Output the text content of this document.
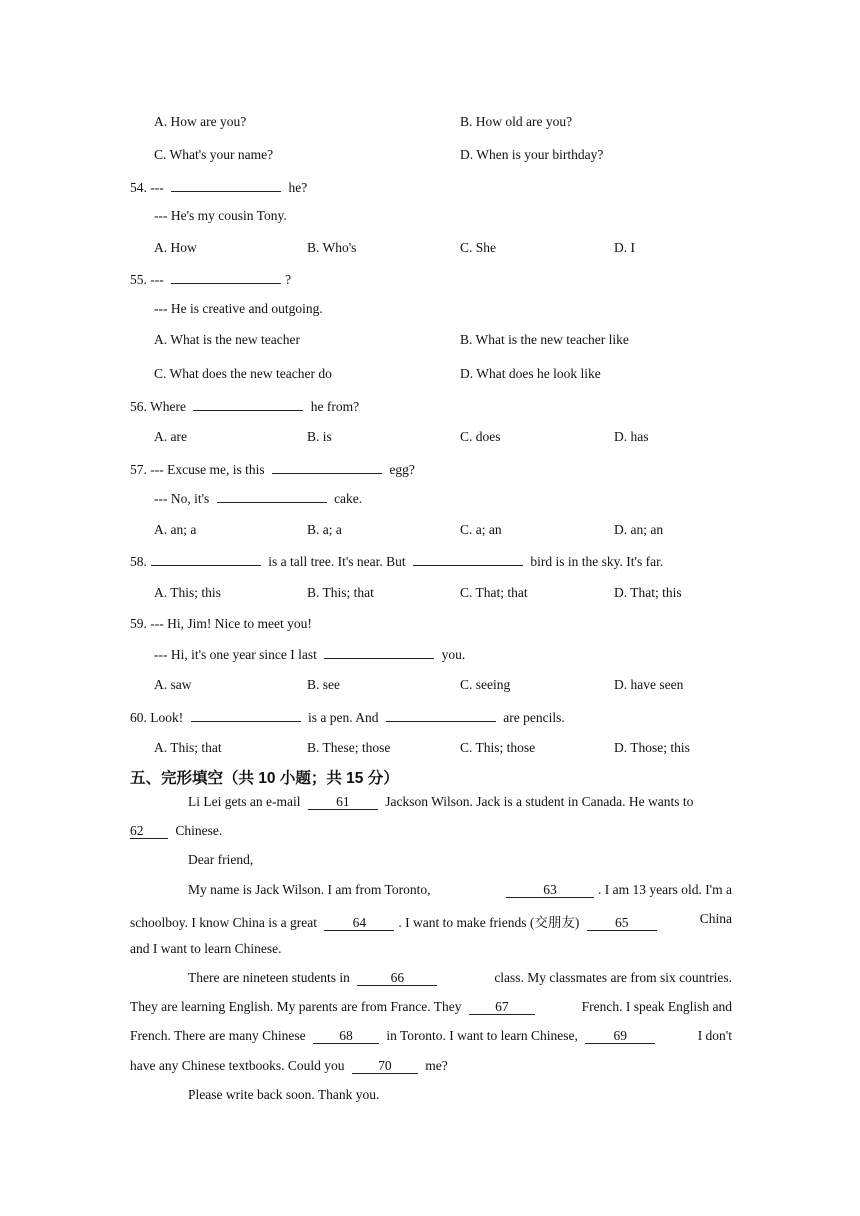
A. How are you?	B. How old are you?
C. What's your name?	D. When is your birthday?
54. ---	he?
--- He's my cousin Tony.
A. How	B. Who's	C. She	D. I
55. ---	?
--- He is creative and outgoing.
A. What is the new teacher	B. What is the new teacher like
C. What does the new teacher do	D. What does he look like
56. Where	he from?
A. are	B. is	C. does	D. has
57. --- Excuse me, is this	egg?
--- No, it's	cake.
A. an; a	B. a; a	C. a; an	D. an; an
58.	is a tall tree. It's near. But	bird is in the sky. It's far.
A. This; this	B. This; that	C. That; that	D. That; this
59. --- Hi, Jim! Nice to meet you!
--- Hi, it's one year since I last	you.
A. saw	B. see	C. seeing	D. have seen
60. Look!	is a pen. And	are pencils.
A. This; that	B. These; those	C. This; those	D. Those; this
五、完形填空（共 10 小题；共 15 分）
Li Lei gets an e-mail	61	Jackson Wilson. Jack is a student in Canada. He wants to
62 Chinese.
Dear friend,
My name is Jack Wilson. I am from Toronto,	63	. I am 13 years old. I'm a
schoolboy. I know China is a great	64 . I want to make friends (交朋友)	65	China
and I want to learn Chinese.
There are nineteen students in	66	class. My classmates are from six countries.
They are learning English. My parents are from France. They 67	French. I speak English and
French. There are many Chinese 68 in Toronto. I want to learn Chinese,	69	I don't
have any Chinese textbooks. Could you 70 me?
Please write back soon. Thank you.
